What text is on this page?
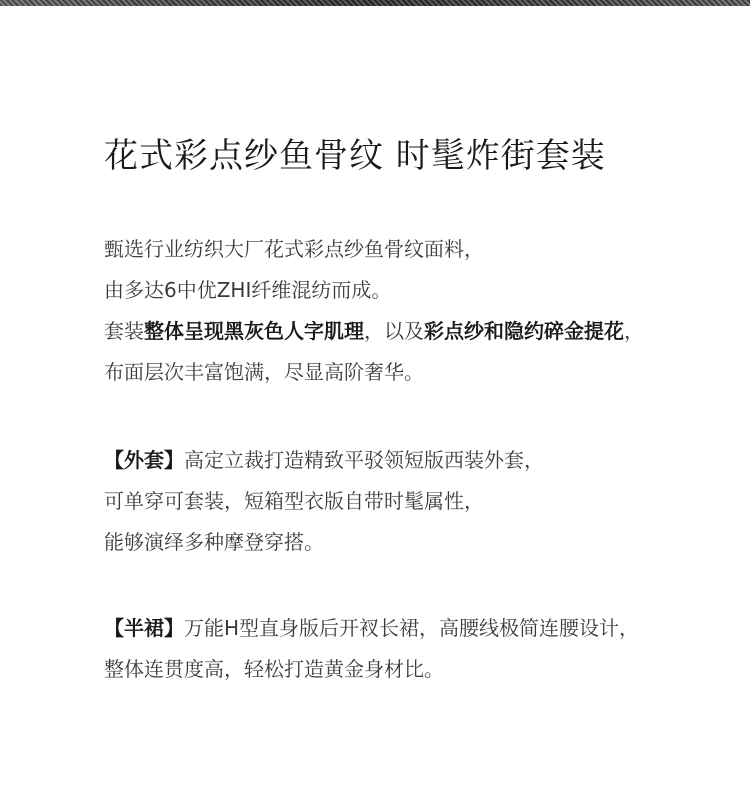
花式彩点纱鱼骨纹 时髦炸街套装
甄选行业纺织大厂花式彩点纱鱼骨纹面料，
由多达6中优ZHI纤维混纺而成。
套装整体呈现黑灰色人字肌理，以及彩点纱和隐约碎金提花，
布面层次丰富饱满，尽显高阶奢华。
【外套】高定立裁打造精致平驳领短版西装外套，
可单穿可套装，短箱型衣版自带时髦属性，
能够演绎多种摩登穿搭。
【半裙】万能H型直身版后开衩长裙，高腰线极简连腰设计，
整体连贯度高，轻松打造黄金身材比。
